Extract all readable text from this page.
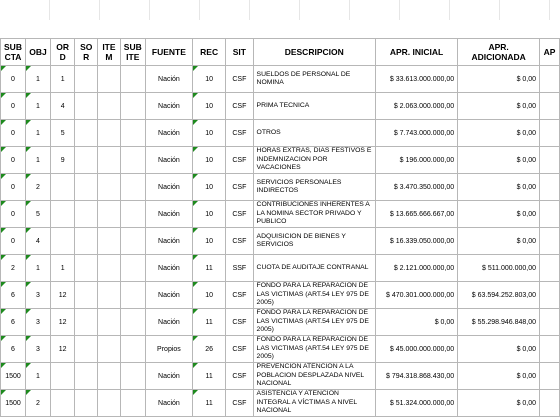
SUB CTA	OBJ	OR D	SO R	ITE M	SUB ITE	FUENTE	REC	SIT	DESCRIPCION	APR. INICIAL	APR. ADICIONADA	AP
0	1	1				Nación	10	CSF	SUELDOS DE PERSONAL DE NOMINA	$ 33.613.000.000,00	$ 0,00	
0	1	4				Nación	10	CSF	PRIMA TECNICA	$ 2.063.000.000,00	$ 0,00	
0	1	5				Nación	10	CSF	OTROS	$ 7.743.000.000,00	$ 0,00	
0	1	9				Nación	10	CSF	HORAS EXTRAS, DIAS FESTIVOS E INDEMNIZACION POR VACACIONES	$ 196.000.000,00	$ 0,00	
0	2					Nación	10	CSF	SERVICIOS PERSONALES INDIRECTOS	$ 3.470.350.000,00	$ 0,00	
0	5					Nación	10	CSF	CONTRIBUCIONES INHERENTES A LA NOMINA SECTOR PRIVADO Y PUBLICO	$ 13.665.666.667,00	$ 0,00	
0	4					Nación	10	CSF	ADQUISICION DE BIENES Y SERVICIOS	$ 16.339.050.000,00	$ 0,00	
2	1	1				Nación	11	SSF	CUOTA DE AUDITAJE CONTRANAL	$ 2.121.000.000,00	$ 511.000.000,00	
6	3	12				Nación	10	CSF	FONDO PARA LA REPARACION DE LAS VICTIMAS (ART.54 LEY 975 DE 2005)	$ 470.301.000.000,00	$ 63.594.252.803,00	
6	3	12				Nación	11	CSF	FONDO PARA LA REPARACION DE LAS VICTIMAS (ART.54 LEY 975 DE 2005)	$ 0,00	$ 55.298.946.848,00	
6	3	12				Propios	26	CSF	FONDO PARA LA REPARACION DE LAS VICTIMAS (ART.54 LEY 975 DE 2005)	$ 45.000.000.000,00	$ 0,00	
1500	1					Nación	11	CSF	PREVENCIÓN ATENCION A LA POBLACION DESPLAZADA NIVEL NACIONAL	$ 794.318.868.430,00	$ 0,00	
1500	2					Nación	11	CSF	ASISTENCIA Y ATENCIÓN INTEGRAL A VÍCTIMAS A NIVEL NACIONAL	$ 51.324.000.000,00	$ 0,00	
